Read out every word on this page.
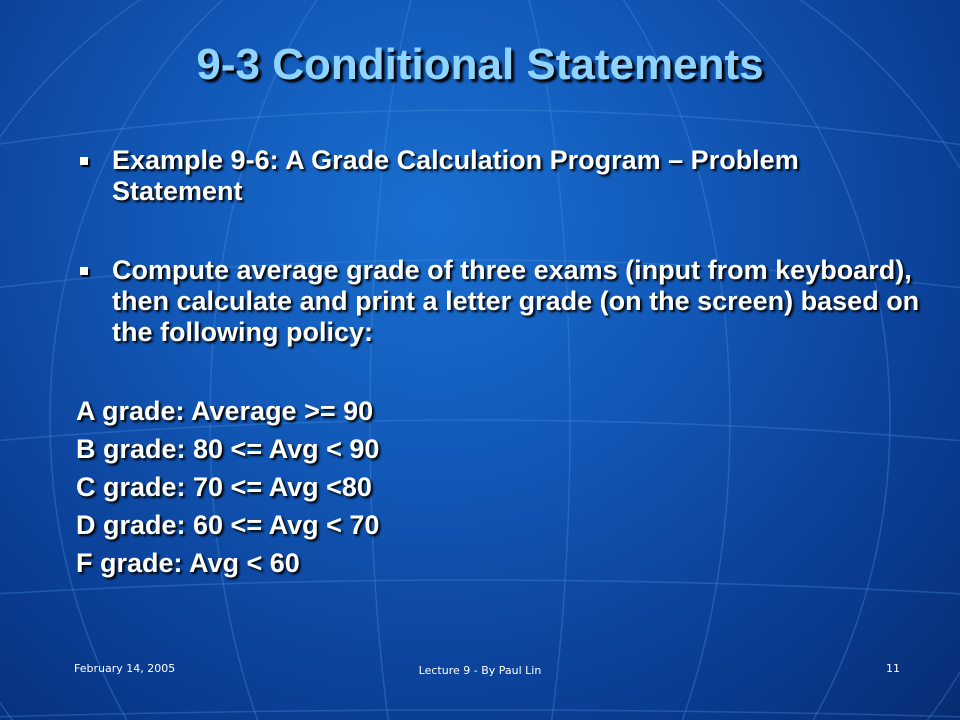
9-3 Conditional Statements
Example 9-6: A Grade Calculation Program – Problem Statement
Compute average grade of three exams (input from keyboard), then calculate and print a letter grade (on the screen) based on the following policy:
A grade: Average >= 90
B grade: 80 <= Avg < 90
C grade: 70 <= Avg <80
D grade: 60 <= Avg < 70
F grade: Avg < 60
February 14, 2005	Lecture 9 - By Paul Lin	11
